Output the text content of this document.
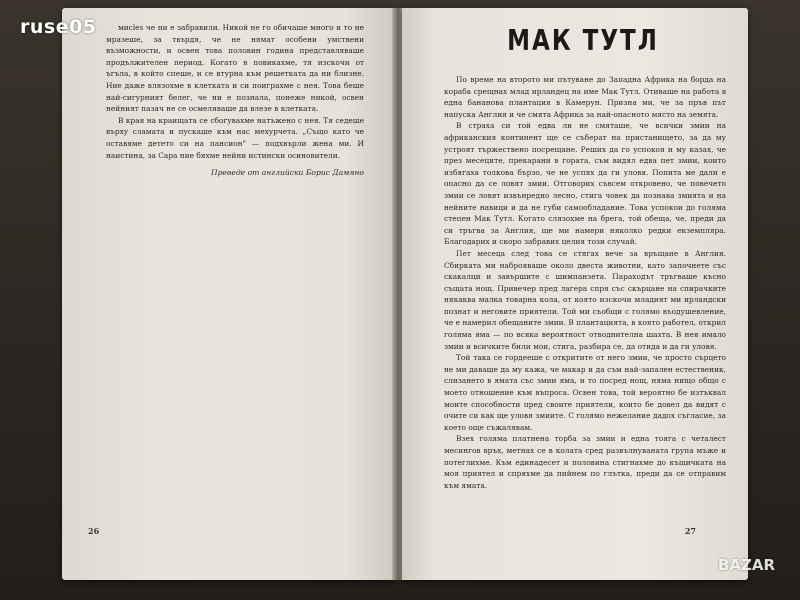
мисles че ни е забравили. Никой не го обичаше много и то не мразеше, за твърдя, че не нямат особени умствени възможности, и освен това половин година представляваше продължителен период. Когато я повикахме, тя изскочи от ъгъла, в който спеше, и се втурна към решетката да ни близне. Ние даже влязохме в клетката и си поиграхме с нея. Това беше най-сигурният белег, че ни е познала, понеже никой, освен нейният пазач не се осмеляваше да влезе в клетката.

В края на краищата се сбогувахме натъжено с нея. Тя седеше върху сламата и пускаше към нас мехурчета. „Също като че оставяме детето си на пансион" — подхвърли жена ми. И наистина, за Сара ние бяхме нейни истински осиновители.

Преведе от английски Борис Дамяно

26
МАК ТУТЛ

По време на второто ми пътуване до Западна Африка на борда на кораба срещнах млад ирландец на име Мак Тутл. Отиваше на работа в една бананова плантация в Камерун. Призна ми, че за пръв път напуска Англия и че смята Африка за най-опасното място на земята.

В страха си той едва ли не смяташе, че всички змии на африканския континент ще се съберат на пристанището, за да му устроят тържествено посрещане. Реших да го успокоя и му казах, че през месеците, прекарани в гората, съм видял едва пет змии, които избягаха толкова бързо, че не успях да ги уловя. Попита ме дали е опасно да се ловят змии. Отговорих съвсем откровено, че повечето змии се ловят извънредно лесно, стига човек да познава змията и на нейните навици и да не губи самообладание. Това успокои до голяма степен Мак Тутл. Когато слязохме на брега, той обеща, че, преди да си тръгва за Англия, ще ми намери няколко редки екземпляра. Благодарих и скоро забравих целия този случай.

Пет месеца след това се стягах вече за връщане в Англия. Сбирката ми наброяваше около двеста животни, като започнете със скакалци и завършите с шимпанзета. Параходът тръгваше късно същата нощ. Привечер пред лагера спря със скърцане на спирачките някаква малка товарна кола, от която изскочи младият ми ирландски познат и неговите приятели. Той ми съобщи с голямо въодушевление, че е намерил обещаните змии. В плантацията, в която работел, открил голяма яма — по всяка вероятност отводнителна шахта. В нея имало змии и всичките били мои, стига, разбира се, да отида и да ги уловя.

Той така се гордееше с откритите от него змии, че просто сърцето не ми даваше да му кажа, че макар и да съм най-запален естественик, слизането в ямата със змии яма, и то посред нощ, няма нищо общо с моето отношение към въпроса. Освен това, той вероятно бе изтъквал моите способности пред своите приятели, които бе довел да видят с очите си как ще уловя змиите. С голямо нежелание дадох съгласие, за което още съжалявам.

Взех голяма платнена торба за змии и една тояга с четалест месингов връх, метнах се в колата сред развълнуваната група мъже и потеглихме. Към единадесет и половина стигнахме до къщичката на моя приятел и спряхме да пийнем по глътка, преди да се отправим към ямата.

27
ruse05
BAZAR
